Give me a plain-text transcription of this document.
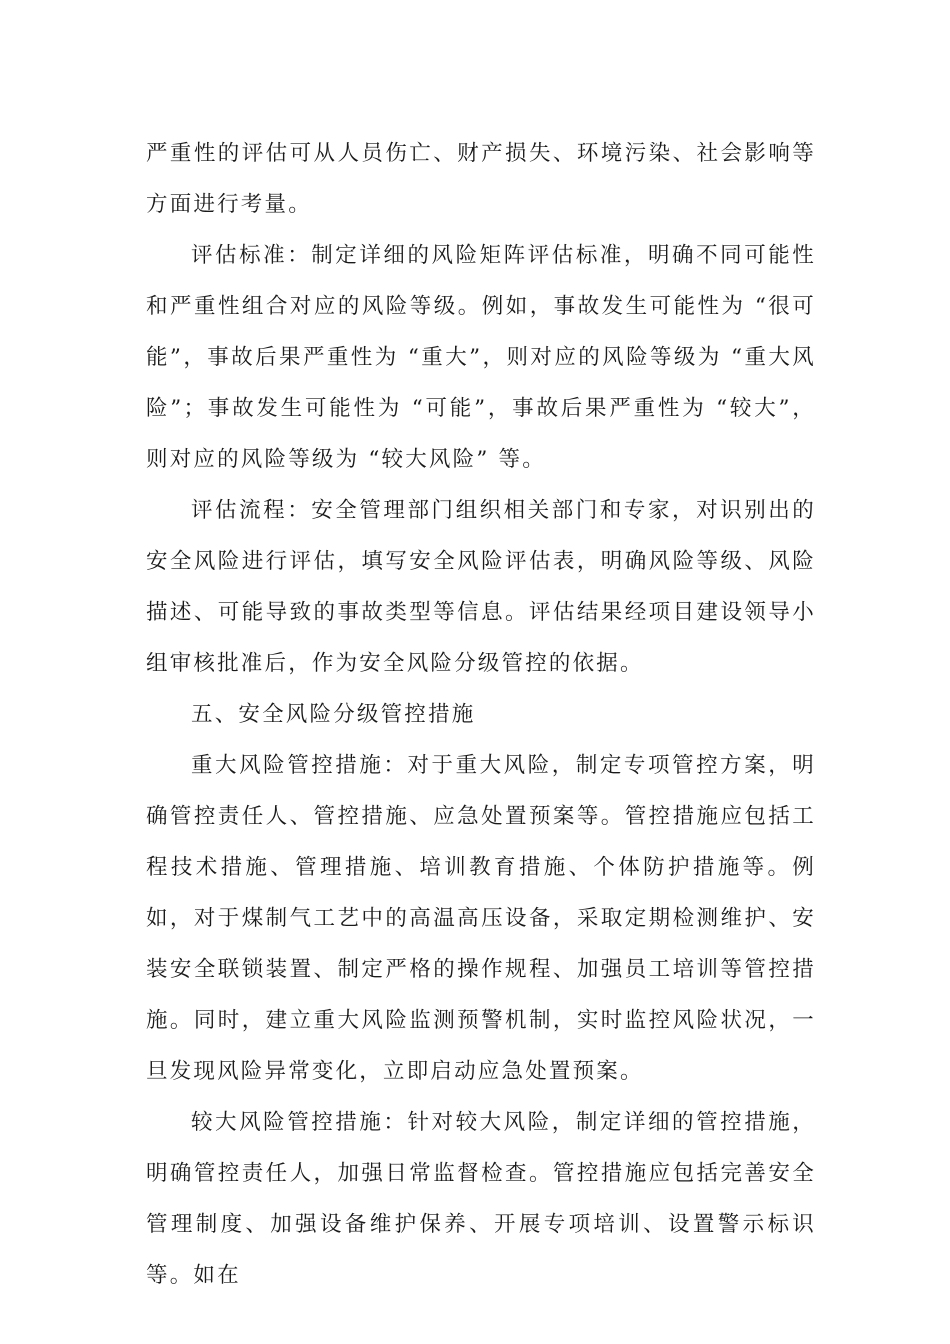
严重性的评估可从人员伤亡、财产损失、环境污染、社会影响等方面进行考量。

评估标准：制定详细的风险矩阵评估标准，明确不同可能性和严重性组合对应的风险等级。例如，事故发生可能性为 “很可能”，事故后果严重性为 “重大”，则对应的风险等级为 “重大风险”；事故发生可能性为 “可能”，事故后果严重性为 “较大”，则对应的风险等级为 “较大风险” 等。

评估流程：安全管理部门组织相关部门和专家，对识别出的安全风险进行评估，填写安全风险评估表，明确风险等级、风险描述、可能导致的事故类型等信息。评估结果经项目建设领导小组审核批准后，作为安全风险分级管控的依据。

五、安全风险分级管控措施

重大风险管控措施：对于重大风险，制定专项管控方案，明确管控责任人、管控措施、应急处置预案等。管控措施应包括工程技术措施、管理措施、培训教育措施、个体防护措施等。例如，对于煤制气工艺中的高温高压设备，采取定期检测维护、安装安全联锁装置、制定严格的操作规程、加强员工培训等管控措施。同时，建立重大风险监测预警机制，实时监控风险状况，一旦发现风险异常变化，立即启动应急处置预案。

较大风险管控措施：针对较大风险，制定详细的管控措施，明确管控责任人，加强日常监督检查。管控措施应包括完善安全管理制度、加强设备维护保养、开展专项培训、设置警示标识等。如在
